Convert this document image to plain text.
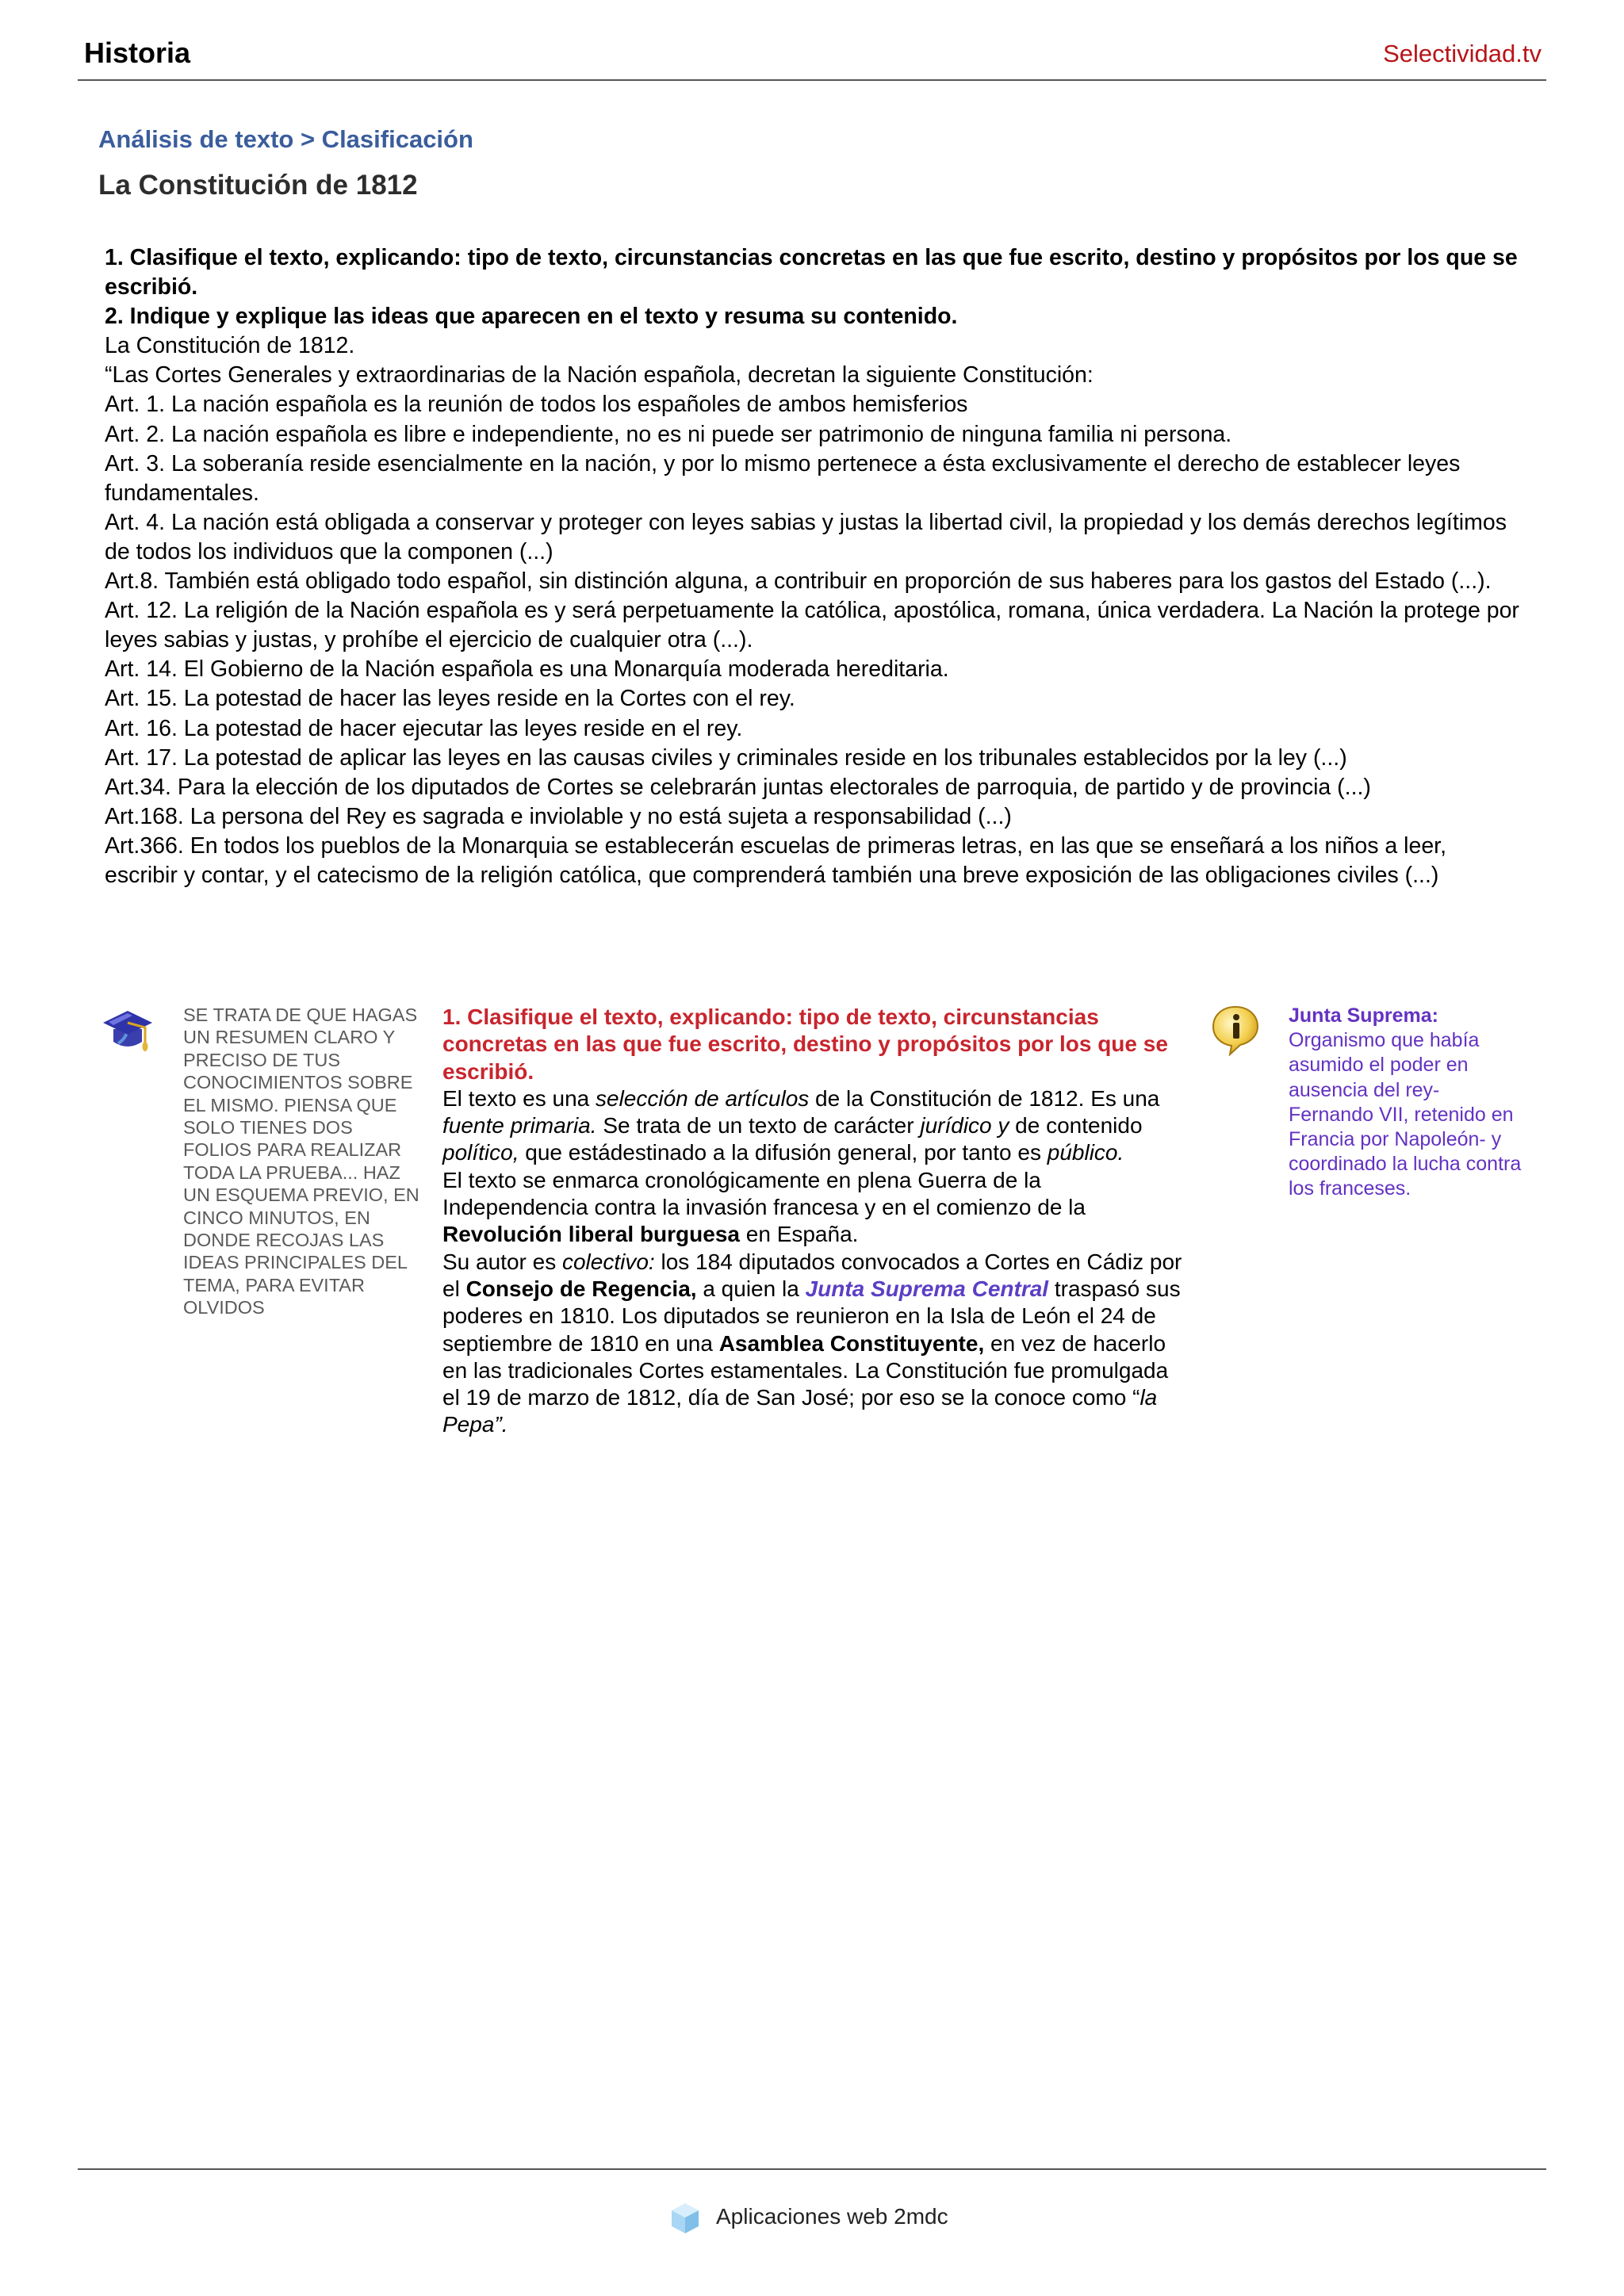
Historia	Selectividad.tv
Análisis de texto > Clasificación
La Constitución de 1812

1. Clasifique el texto, explicando: tipo de texto, circunstancias concretas en las que fue escrito, destino y propósitos por los que se escribió.

2. Indique y explique las ideas que aparecen en el texto y resuma su contenido.

La Constitución de 1812.

“Las Cortes Generales y extraordinarias de la Nación española, decretan la siguiente Constitución:

Art. 1. La nación española es la reunión de todos los españoles de ambos hemisferios

Art. 2. La nación española es libre e independiente, no es ni puede ser patrimonio de ninguna familia ni persona.

Art. 3. La soberanía reside esencialmente en la nación, y por lo mismo pertenece a ésta exclusivamente el derecho de establecer leyes fundamentales.

Art. 4. La nación está obligada a conservar y proteger con leyes sabias y justas la libertad civil, la propiedad y los demás derechos legítimos de todos los individuos que la componen (...)

Art.8. También está obligado todo español, sin distinción alguna, a contribuir en proporción de sus haberes para los gastos del Estado (...).

Art. 12. La religión de la Nación española es y será perpetuamente la católica, apostólica, romana, única verdadera. La Nación la protege por leyes sabias y justas, y prohíbe el ejercicio de cualquier otra (...).

Art. 14. El Gobierno de la Nación española es una Monarquía moderada hereditaria.

Art. 15. La potestad de hacer las leyes reside en la Cortes con el rey.

Art. 16. La potestad de hacer ejecutar las leyes reside en el rey.

Art. 17. La potestad de aplicar las leyes en las causas civiles y criminales reside en los tribunales establecidos por la ley (...)

Art.34. Para la elección de los diputados de Cortes se celebrarán juntas electorales de parroquia, de partido y de provincia (...)

Art.168. La persona del Rey es sagrada e inviolable y no está sujeta a responsabilidad (...)

Art.366. En todos los pueblos de la Monarquia se establecerán escuelas de primeras letras, en las que se enseñará a los niños a leer, escribir y contar, y el catecismo de la religión católica, que comprenderá también una breve exposición de las obligaciones civiles (...)

SE TRATA DE QUE HAGAS UN RESUMEN CLARO Y PRECISO DE TUS CONOCIMIENTOS SOBRE EL MISMO. PIENSA QUE SOLO TIENES DOS FOLIOS PARA REALIZAR TODA LA PRUEBA... HAZ UN ESQUEMA PREVIO, EN CINCO MINUTOS, EN DONDE RECOJAS LAS IDEAS PRINCIPALES DEL TEMA, PARA EVITAR OLVIDOS

1. Clasifique el texto, explicando: tipo de texto, circunstancias concretas en las que fue escrito, destino y propósitos por los que se escribió.

El texto es una selección de artículos de la Constitución de 1812. Es una fuente primaria. Se trata de un texto de carácter jurídico y de contenido político, que estádestinado a la difusión general, por tanto es público.

El texto se enmarca cronológicamente en plena Guerra de la Independencia contra la invasión francesa y en el comienzo de la Revolución liberal burguesa en España.

Su autor es colectivo: los 184 diputados convocados a Cortes en Cádiz por el Consejo de Regencia, a quien la Junta Suprema Central traspasó sus poderes en 1810. Los diputados se reunieron en la Isla de León el 24 de septiembre de 1810 en una Asamblea Constituyente, en vez de hacerlo en las tradicionales Cortes estamentales. La Constitución fue promulgada el 19 de marzo de 1812, día de San José; por eso se la conoce como “la Pepa”.

Junta Suprema:
Organismo que había asumido el poder en ausencia del rey- Fernando VII, retenido en Francia por Napoleón- y coordinado la lucha contra los franceses.
Aplicaciones web 2mdc
